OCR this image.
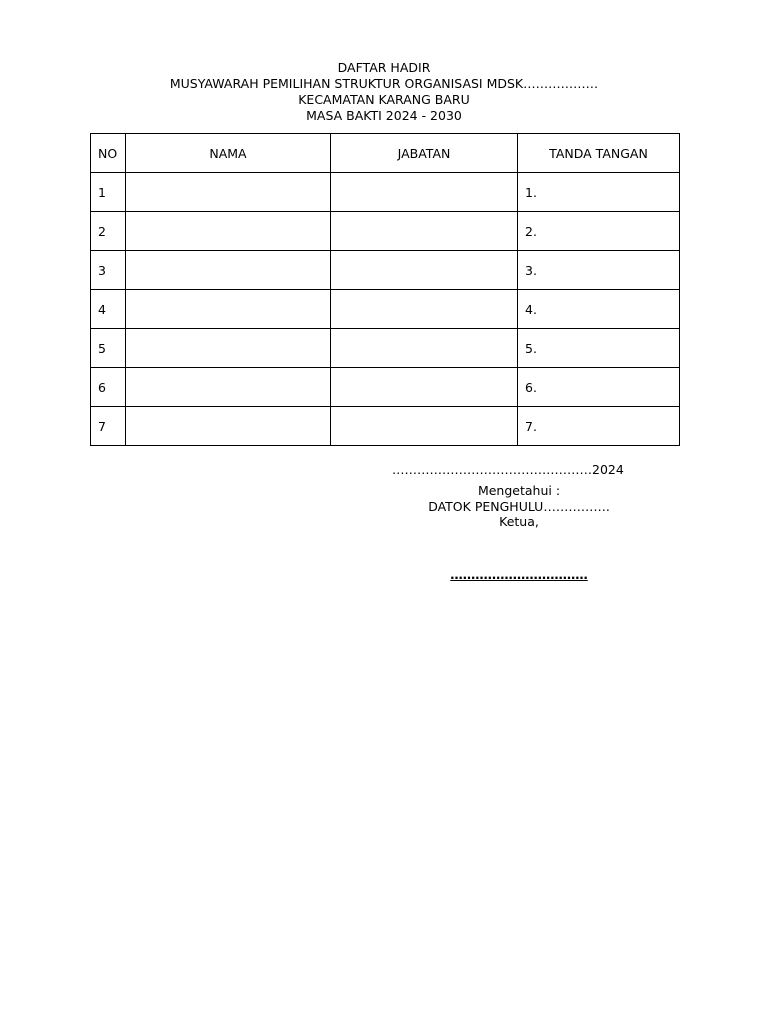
DAFTAR HADIR
MUSYAWARAH PEMILIHAN STRUKTUR ORGANISASI MDSK………………
KECAMATAN KARANG BARU
MASA BAKTI 2024 - 2030
NO	NAMA	JABATAN	TANDA TANGAN
1			1.
2			2.
3			3.
4			4.
5			5.
6			6.
7			7.
…………………………………………2024
Mengetahui :
DATOK PENGHULU…………….
Ketua,
……………………………
